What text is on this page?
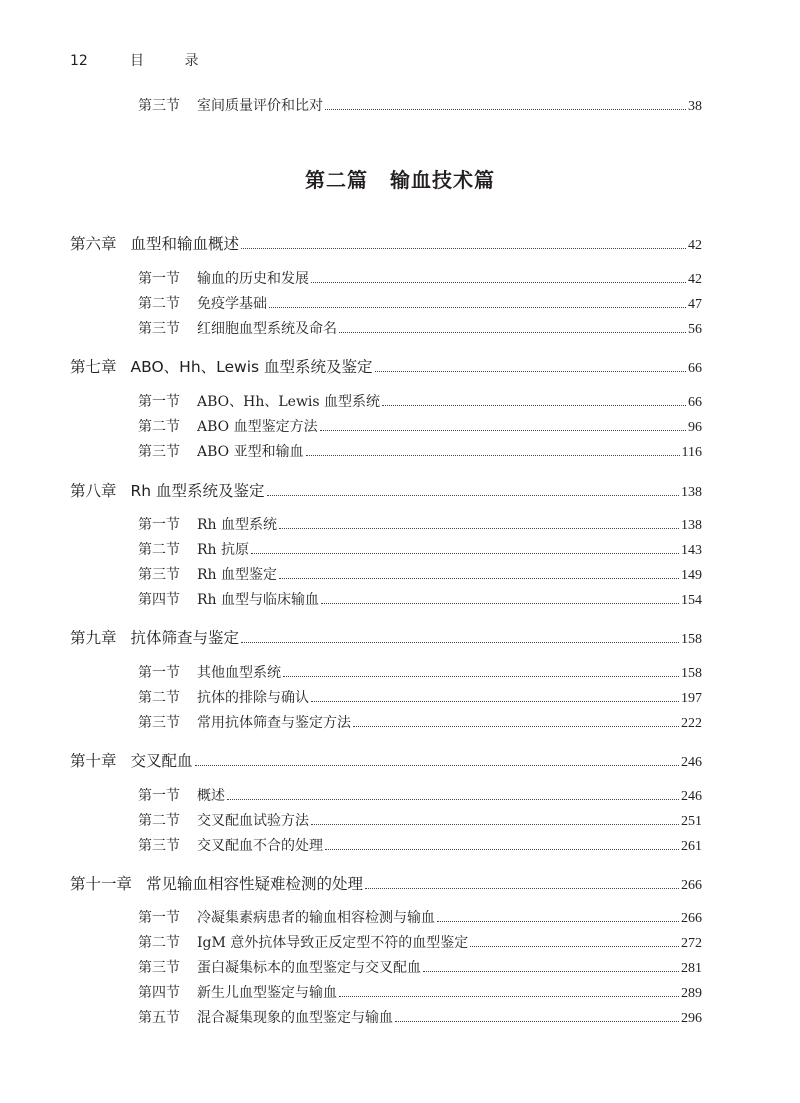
12	目 录
第三节	室间质量评价和比对	38
第二篇 输血技术篇
第六章 血型和输血概述	42
第一节	输血的历史和发展	42
第二节	免疫学基础	47
第三节	红细胞血型系统及命名	56
第七章 ABO、Hh、Lewis 血型系统及鉴定	66
第一节	ABO、Hh、Lewis 血型系统	66
第二节	ABO 血型鉴定方法	96
第三节	ABO 亚型和输血	116
第八章 Rh 血型系统及鉴定	138
第一节	Rh 血型系统	138
第二节	Rh 抗原	143
第三节	Rh 血型鉴定	149
第四节	Rh 血型与临床输血	154
第九章 抗体筛查与鉴定	158
第一节	其他血型系统	158
第二节	抗体的排除与确认	197
第三节	常用抗体筛查与鉴定方法	222
第十章 交叉配血	246
第一节	概述	246
第二节	交叉配血试验方法	251
第三节	交叉配血不合的处理	261
第十一章 常见输血相容性疑难检测的处理	266
第一节	冷凝集素病患者的输血相容检测与输血	266
第二节	IgM 意外抗体导致正反定型不符的血型鉴定	272
第三节	蛋白凝集标本的血型鉴定与交叉配血	281
第四节	新生儿血型鉴定与输血	289
第五节	混合凝集现象的血型鉴定与输血	296
